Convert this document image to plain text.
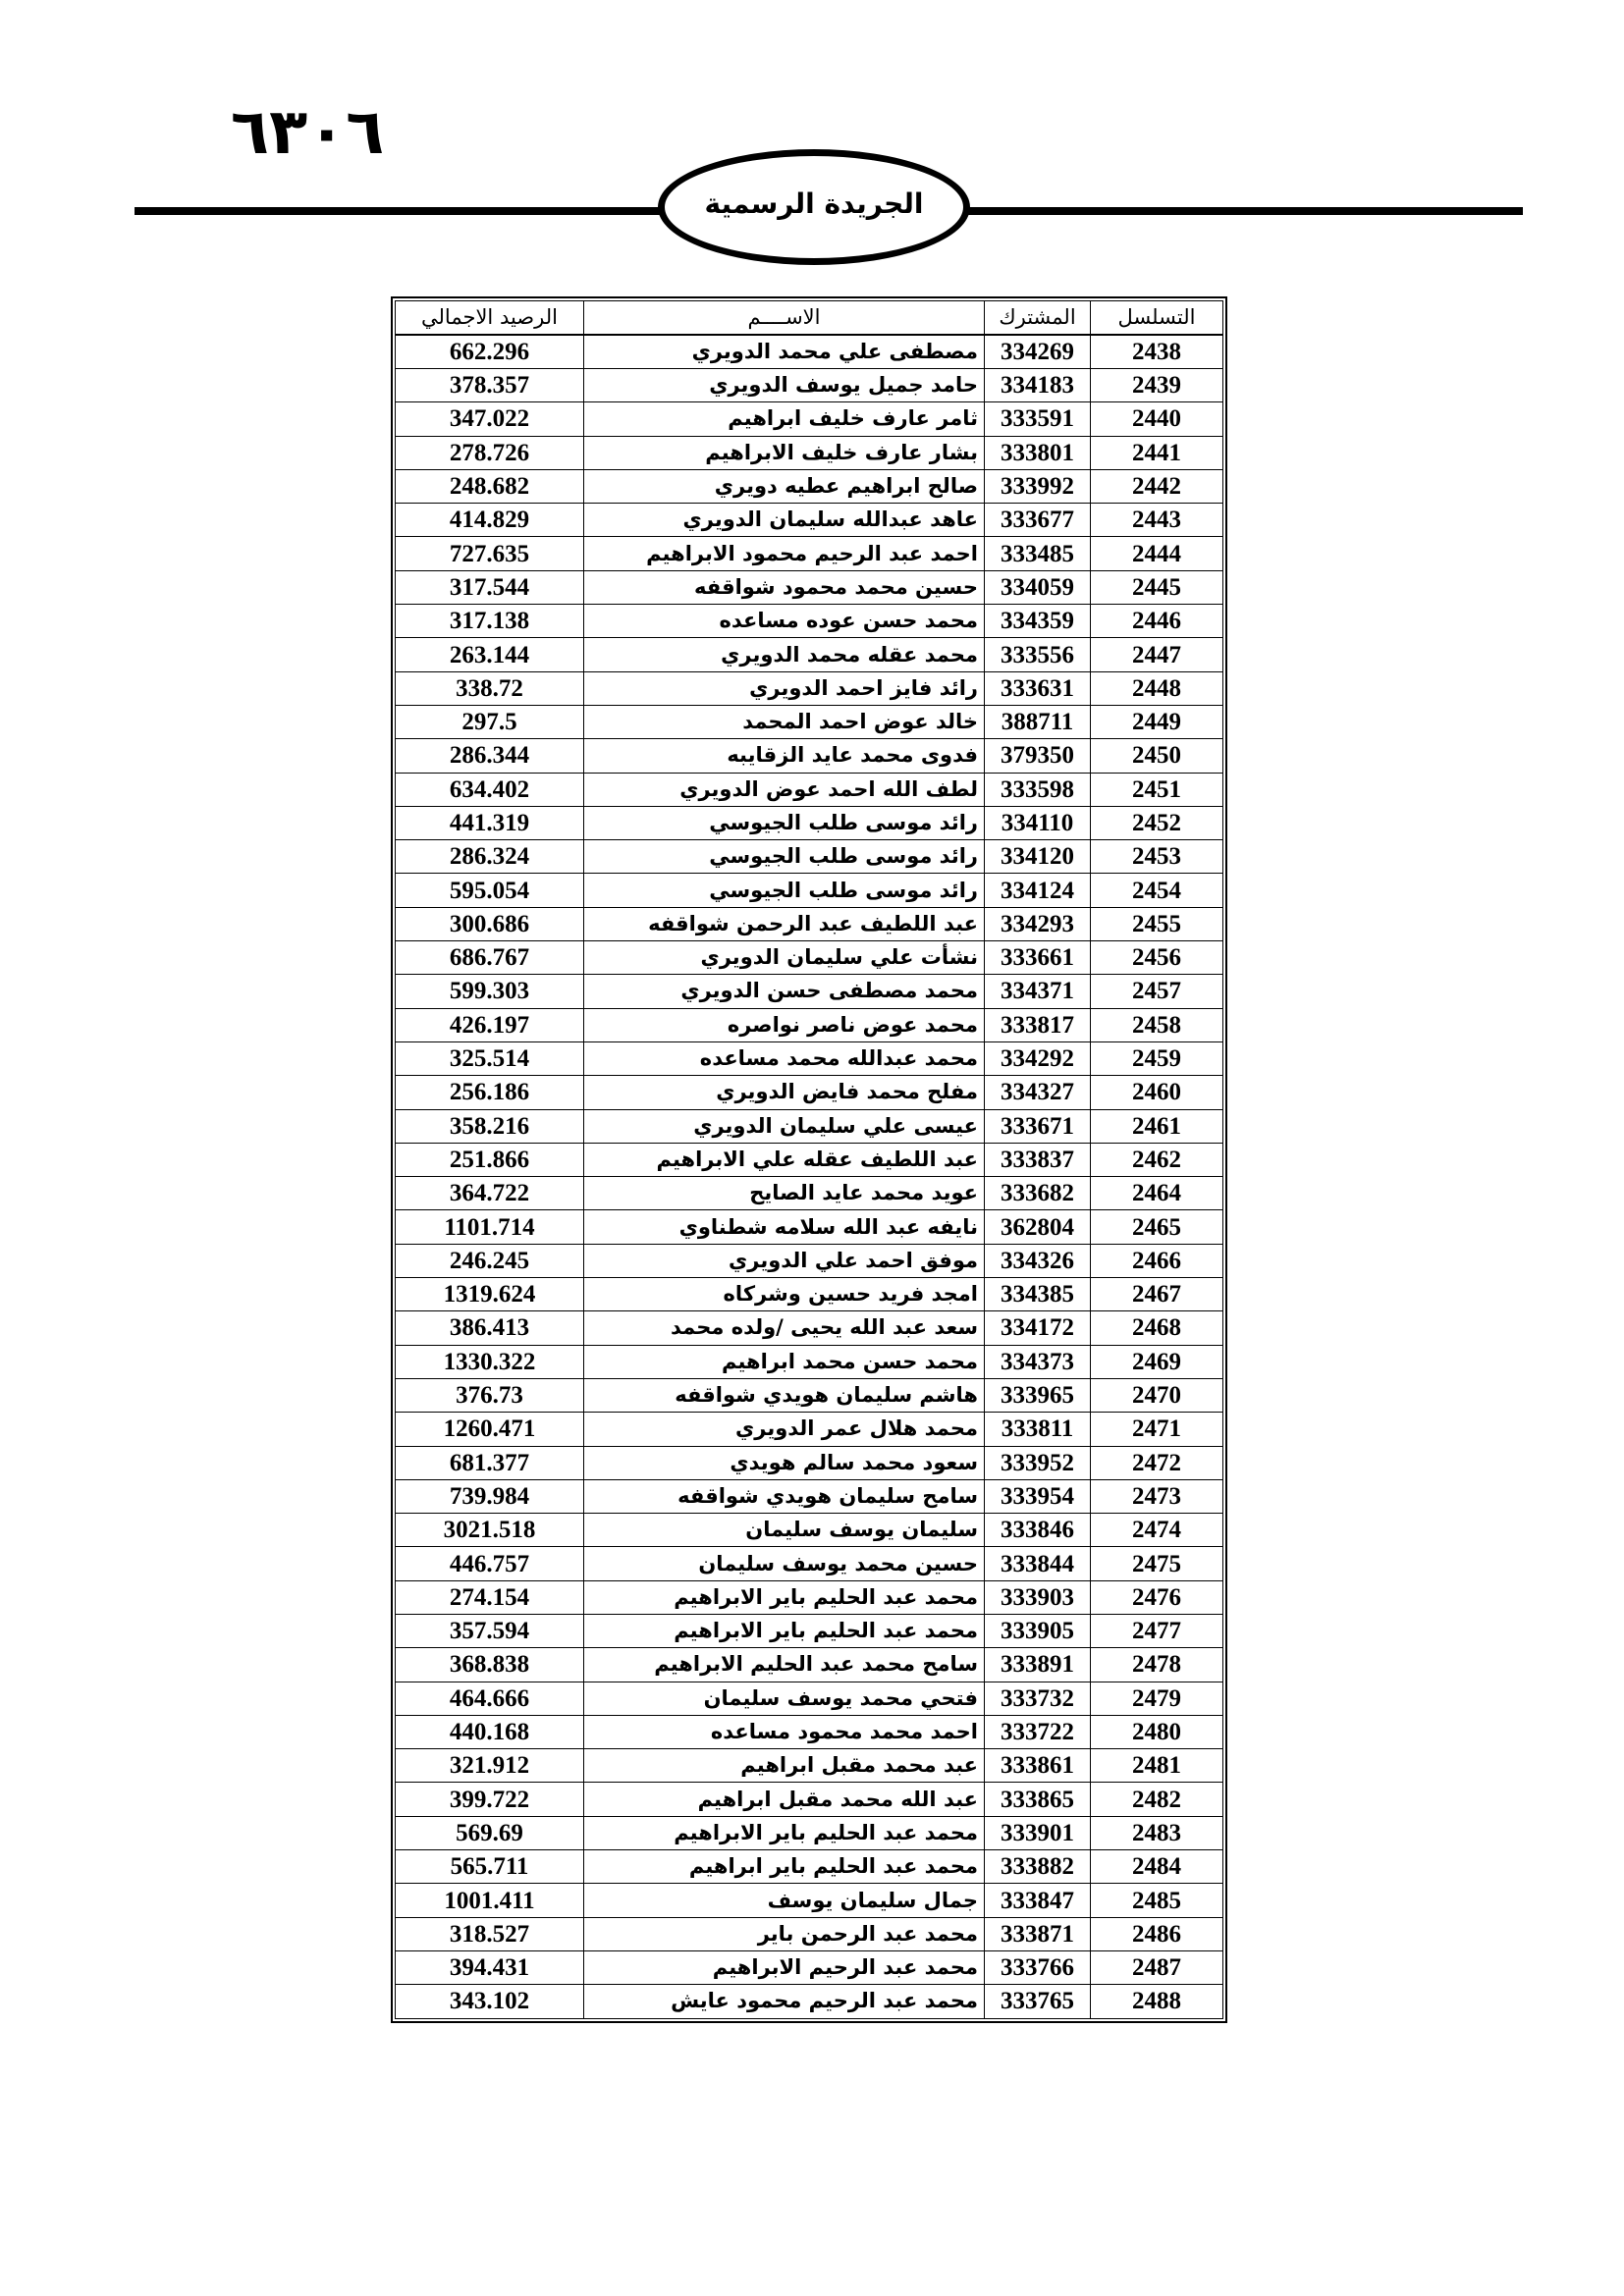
٦٣٠٦
الجريدة الرسمية
التسلسل	المشترك	الاســــم	الرصيد الاجمالي
2438	334269	مصطفى علي محمد الدويري	662.296
2439	334183	حامد جميل يوسف الدويري	378.357
2440	333591	ثامر عارف خليف ابراهيم	347.022
2441	333801	بشار عارف خليف الابراهيم	278.726
2442	333992	صالح ابراهيم عطيه دويري	248.682
2443	333677	عاهد عبدالله سليمان الدويري	414.829
2444	333485	احمد عبد الرحيم محمود الابراهيم	727.635
2445	334059	حسين محمد محمود شواقفه	317.544
2446	334359	محمد حسن عوده مساعده	317.138
2447	333556	محمد عقله محمد الدويري	263.144
2448	333631	رائد فايز احمد الدويري	338.72
2449	388711	خالد عوض احمد المحمد	297.5
2450	379350	فدوى محمد عايد الزقايبه	286.344
2451	333598	لطف الله احمد عوض الدويري	634.402
2452	334110	رائد موسى طلب الجيوسي	441.319
2453	334120	رائد موسى طلب الجيوسي	286.324
2454	334124	رائد موسى طلب الجيوسي	595.054
2455	334293	عبد اللطيف عبد الرحمن شواقفه	300.686
2456	333661	نشأت علي سليمان الدويري	686.767
2457	334371	محمد مصطفى حسن الدويري	599.303
2458	333817	محمد عوض ناصر نواصره	426.197
2459	334292	محمد عبدالله محمد مساعده	325.514
2460	334327	مفلح محمد فايض الدويري	256.186
2461	333671	عيسى علي سليمان الدويري	358.216
2462	333837	عبد اللطيف عقله علي الابراهيم	251.866
2464	333682	عويد محمد عايد الصايح	364.722
2465	362804	نايفه عبد الله سلامه شطناوي	1101.714
2466	334326	موفق احمد علي الدويري	246.245
2467	334385	امجد فريد حسين وشركاه	1319.624
2468	334172	سعد عبد الله يحيى /ولده محمد	386.413
2469	334373	محمد حسن محمد ابراهيم	1330.322
2470	333965	هاشم سليمان هويدي شواقفه	376.73
2471	333811	محمد هلال عمر الدويري	1260.471
2472	333952	سعود محمد سالم هويدي	681.377
2473	333954	سامح سليمان هويدي شواقفه	739.984
2474	333846	سليمان يوسف سليمان	3021.518
2475	333844	حسين محمد يوسف سليمان	446.757
2476	333903	محمد عبد الحليم باير الابراهيم	274.154
2477	333905	محمد عبد الحليم باير الابراهيم	357.594
2478	333891	سامح محمد عبد الحليم الابراهيم	368.838
2479	333732	فتحي محمد يوسف سليمان	464.666
2480	333722	احمد محمد محمود مساعده	440.168
2481	333861	عبد محمد مقبل ابراهيم	321.912
2482	333865	عبد الله محمد مقبل ابراهيم	399.722
2483	333901	محمد عبد الحليم باير الابراهيم	569.69
2484	333882	محمد عبد الحليم باير ابراهيم	565.711
2485	333847	جمال سليمان يوسف	1001.411
2486	333871	محمد عبد الرحمن باير	318.527
2487	333766	محمد عبد الرحيم الابراهيم	394.431
2488	333765	محمد عبد الرحيم محمود عايش	343.102
